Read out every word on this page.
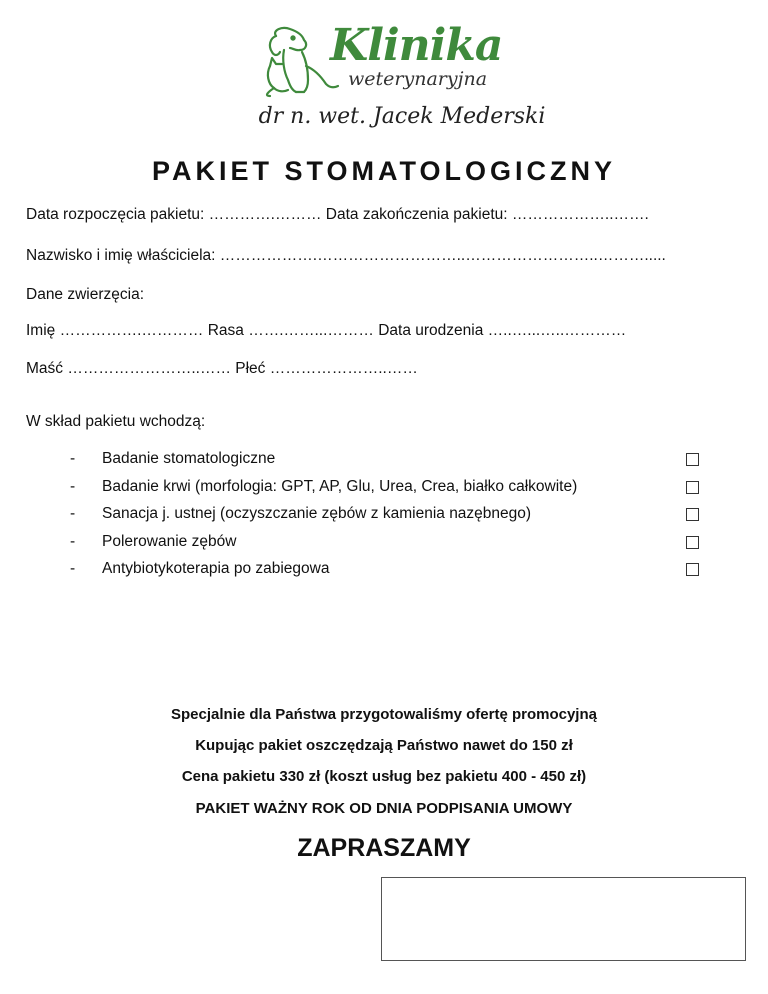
Klinika
weterynaryjna
dr n. wet. Jacek Mederski
PAKIET STOMATOLOGICZNY
Data rozpoczęcia pakietu: ………….……… Data zakończenia pakietu: ………………..…….
Nazwisko i imię właściciela: ……………….………………………..……………………..……….....
Dane zwierzęcia:
Imię …………….………… Rasa …….……...……… Data urodzenia …..…...…..…………
Maść ……………………..…… Płeć …………………..……
W skład pakietu wchodzą:
- Badanie stomatologiczne
- Badanie krwi (morfologia: GPT, AP, Glu, Urea, Crea, białko całkowite)
- Sanacja j. ustnej (oczyszczanie zębów z kamienia nazębnego)
- Polerowanie zębów
- Antybiotykoterapia po zabiegowa
Specjalnie dla Państwa przygotowaliśmy ofertę promocyjną
Kupując pakiet oszczędzają Państwo nawet do 150 zł
Cena pakietu 330 zł (koszt usług bez pakietu 400 - 450 zł)
PAKIET WAŻNY ROK OD DNIA PODPISANIA UMOWY
ZAPRASZAMY
